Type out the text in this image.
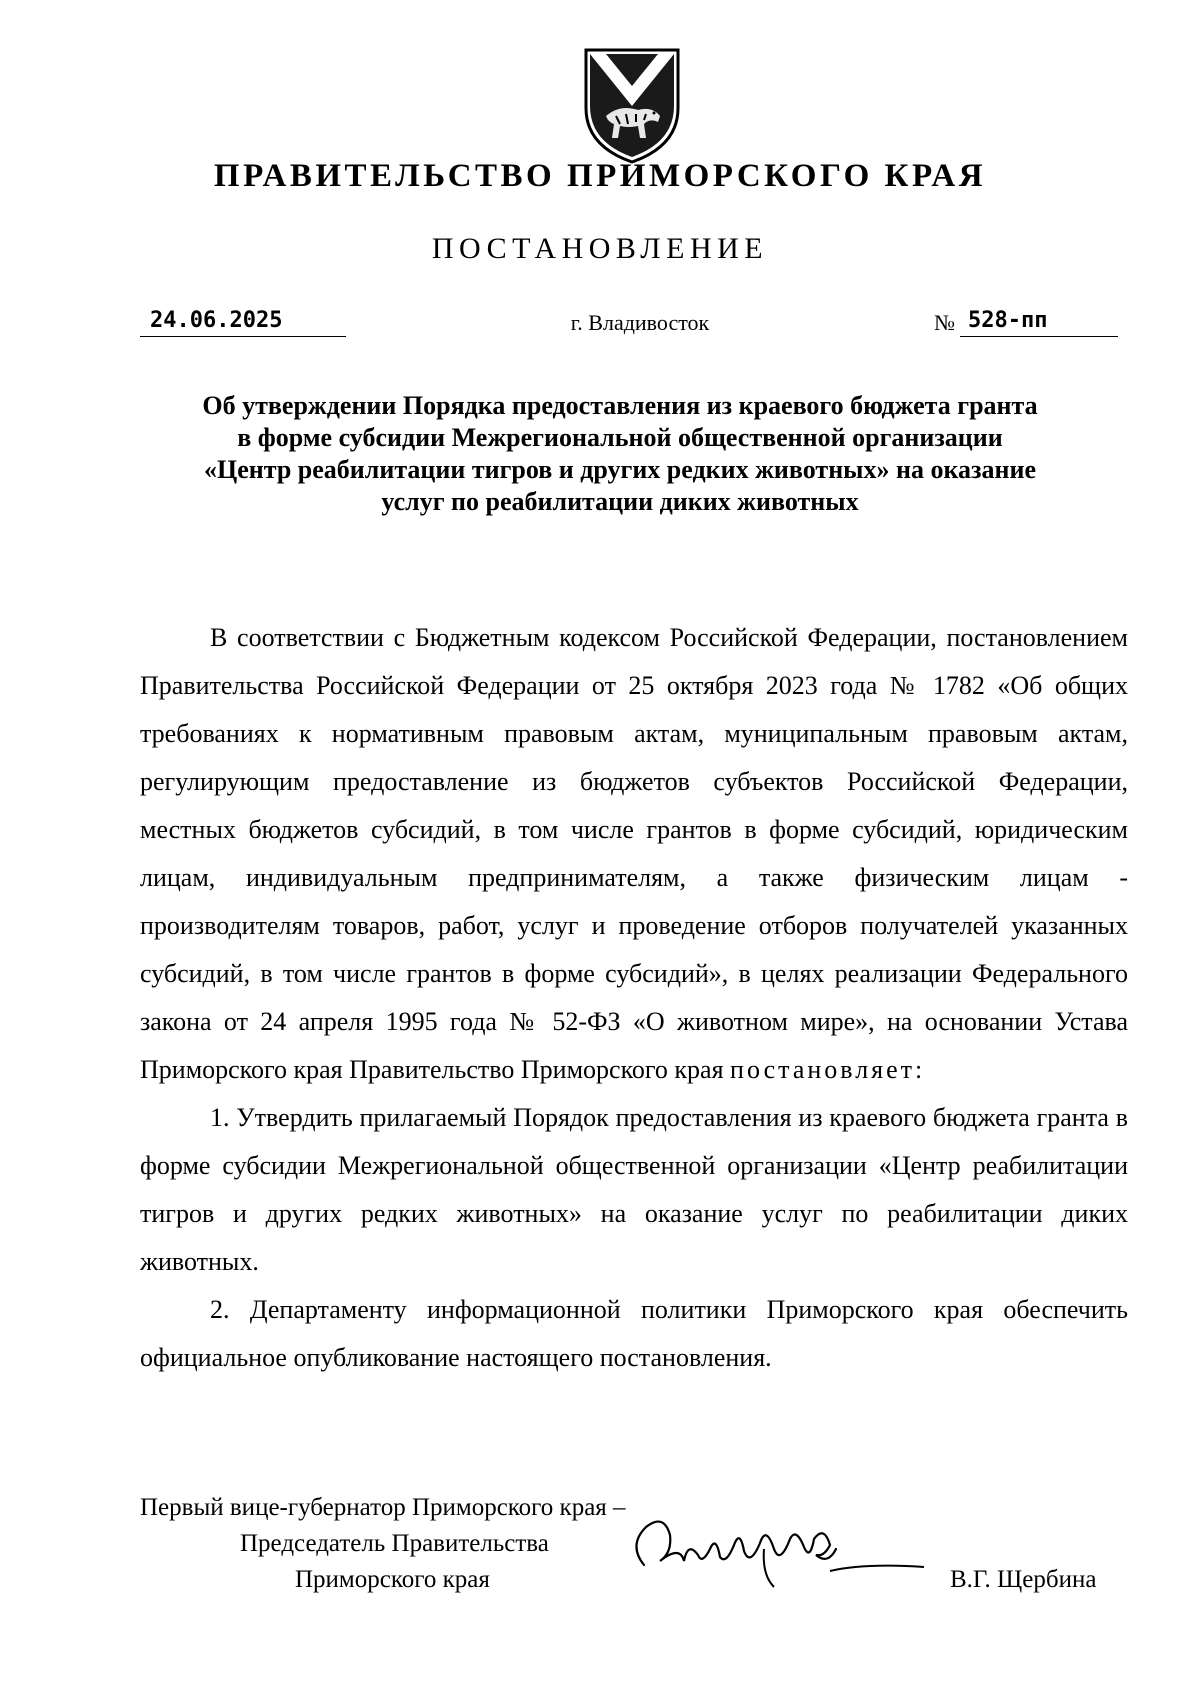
ПРАВИТЕЛЬСТВО ПРИМОРСКОГО КРАЯ
ПОСТАНОВЛЕНИЕ
24.06.2025	г. Владивосток	№ 528-пп
Об утверждении Порядка предоставления из краевого бюджета гранта в форме субсидии Межрегиональной общественной организации «Центр реабилитации тигров и других редких животных» на оказание услуг по реабилитации диких животных

В соответствии с Бюджетным кодексом Российской Федерации, постановлением Правительства Российской Федерации от 25 октября 2023 года № 1782 «Об общих требованиях к нормативным правовым актам, муниципальным правовым актам, регулирующим предоставление из бюджетов субъектов Российской Федерации, местных бюджетов субсидий, в том числе грантов в форме субсидий, юридическим лицам, индивидуальным предпринимателям, а также физическим лицам - производителям товаров, работ, услуг и проведение отборов получателей указанных субсидий, в том числе грантов в форме субсидий», в целях реализации Федерального закона от 24 апреля 1995 года № 52-ФЗ «О животном мире», на основании Устава Приморского края Правительство Приморского края постановляет:

1. Утвердить прилагаемый Порядок предоставления из краевого бюджета гранта в форме субсидии Межрегиональной общественной организации «Центр реабилитации тигров и других редких животных» на оказание услуг по реабилитации диких животных.

2. Департаменту информационной политики Приморского края обеспечить официальное опубликование настоящего постановления.

Первый вице-губернатор Приморского края –
Председатель Правительства
Приморского края	В.Г. Щербина
